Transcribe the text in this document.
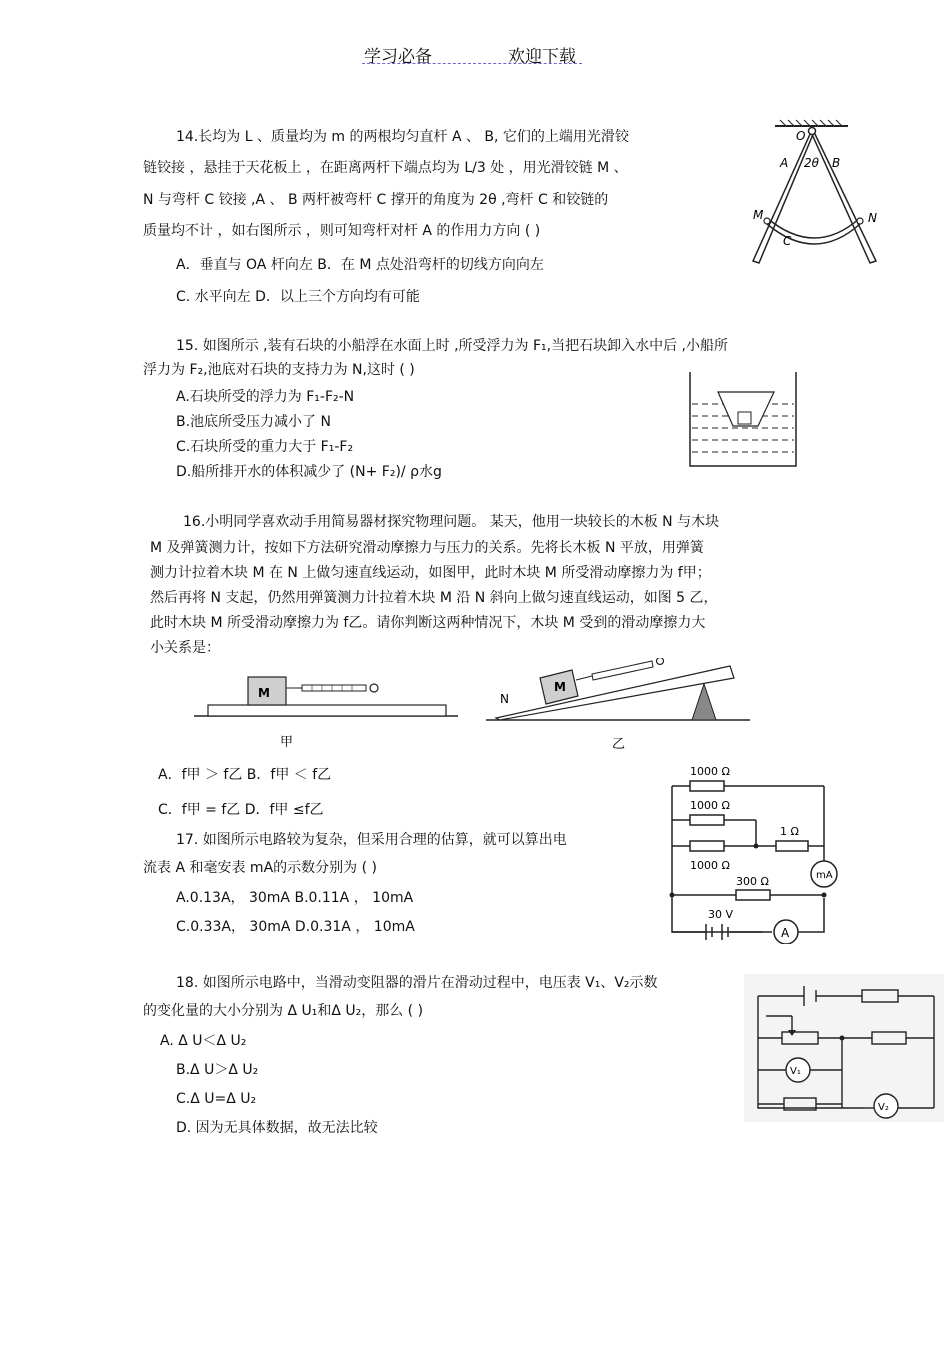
学习必备	欢迎下载
14.长均为 L 、质量均为 m 的两根均匀直杆 A 、 B, 它们的上端用光滑铰
链铰接 ，悬挂于天花板上 ，在距离两杆下端点均为 L/3 处 ，用光滑铰链 M 、
N 与弯杆 C 铰接 ,A 、 B 两杆被弯杆 C 撑开的角度为 2θ ,弯杆 C 和铰链的
质量均不计 ，如右图所示 ，则可知弯杆对杆 A 的作用力方向 ( )
A．垂直与 OA 杆向左 B．在 M 点处沿弯杆的切线方向向左
C. 水平向左 D．以上三个方向均有可能
O
A	B
2θ
M	N
C
15. 如图所示 ,装有石块的小船浮在水面上时 ,所受浮力为 F₁,当把石块卸入水中后 ,小船所
浮力为 F₂,池底对石块的支持力为 N,这时 ( )
A.石块所受的浮力为 F₁-F₂-N
B.池底所受压力减小了 N
C.石块所受的重力大于 F₁-F₂
D.船所排开水的体积减少了 (N+ F₂)/ ρ水g
16.小明同学喜欢动手用简易器材探究物理问题。 某天，他用一块较长的木板 N 与木块
M 及弹簧测力计，按如下方法研究滑动摩擦力与压力的关系。先将长木板 N 平放，用弹簧
测力计拉着木块 M 在 N 上做匀速直线运动，如图甲，此时木块 M 所受滑动摩擦力为 f甲；
然后再将 N 支起，仍然用弹簧测力计拉着木块 M 沿 N 斜向上做匀速直线运动，如图 5 乙，
此时木块 M 所受滑动摩擦力为 f乙。请你判断这两种情况下，木块 M 受到的滑动摩擦力大
小关系是：
M
甲
M
N
乙
A．f甲 ＞ f乙 B．f甲 ＜ f乙
C．f甲 = f乙 D．f甲 ≤f乙
17. 如图所示电路较为复杂，但采用合理的估算，就可以算出电
流表 A 和毫安表 mA的示数分别为 ( )
A.0.13A， 30mA B.0.11A ， 10mA
C.0.33A， 30mA D.0.31A ， 10mA
mA
A
1000 Ω
1000 Ω
1 Ω
1000 Ω
300 Ω
30 V
18. 如图所示电路中，当滑动变阻器的滑片在滑动过程中，电压表 V₁、V₂示数
的变化量的大小分别为 Δ U₁和Δ U₂，那么 ( )
A. Δ U＜Δ U₂
B.Δ U＞Δ U₂
C.Δ U=Δ U₂
D. 因为无具体数据，故无法比较
V₁
V₂
